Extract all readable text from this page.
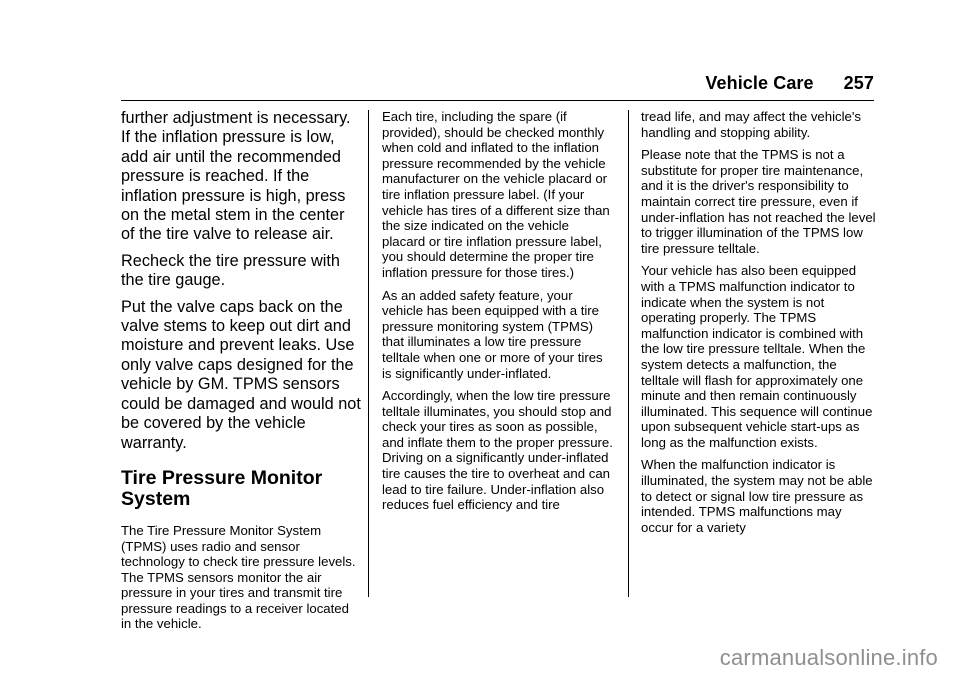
Vehicle Care 257

further adjustment is necessary. If the inflation pressure is low, add air until the recommended pressure is reached. If the inflation pressure is high, press on the metal stem in the center of the tire valve to release air.

Recheck the tire pressure with the tire gauge.

Put the valve caps back on the valve stems to keep out dirt and moisture and prevent leaks. Use only valve caps designed for the vehicle by GM. TPMS sensors could be damaged and would not be covered by the vehicle warranty.

Tire Pressure Monitor System

The Tire Pressure Monitor System (TPMS) uses radio and sensor technology to check tire pressure levels. The TPMS sensors monitor the air pressure in your tires and transmit tire pressure readings to a receiver located in the vehicle.

Each tire, including the spare (if provided), should be checked monthly when cold and inflated to the inflation pressure recommended by the vehicle manufacturer on the vehicle placard or tire inflation pressure label. (If your vehicle has tires of a different size than the size indicated on the vehicle placard or tire inflation pressure label, you should determine the proper tire inflation pressure for those tires.)

As an added safety feature, your vehicle has been equipped with a tire pressure monitoring system (TPMS) that illuminates a low tire pressure telltale when one or more of your tires is significantly under-inflated.

Accordingly, when the low tire pressure telltale illuminates, you should stop and check your tires as soon as possible, and inflate them to the proper pressure. Driving on a significantly under-inflated tire causes the tire to overheat and can lead to tire failure. Under-inflation also reduces fuel efficiency and tire

tread life, and may affect the vehicle's handling and stopping ability.

Please note that the TPMS is not a substitute for proper tire maintenance, and it is the driver's responsibility to maintain correct tire pressure, even if under-inflation has not reached the level to trigger illumination of the TPMS low tire pressure telltale.

Your vehicle has also been equipped with a TPMS malfunction indicator to indicate when the system is not operating properly. The TPMS malfunction indicator is combined with the low tire pressure telltale. When the system detects a malfunction, the telltale will flash for approximately one minute and then remain continuously illuminated. This sequence will continue upon subsequent vehicle start-ups as long as the malfunction exists.

When the malfunction indicator is illuminated, the system may not be able to detect or signal low tire pressure as intended. TPMS malfunctions may occur for a variety

carmanualsonline.info
